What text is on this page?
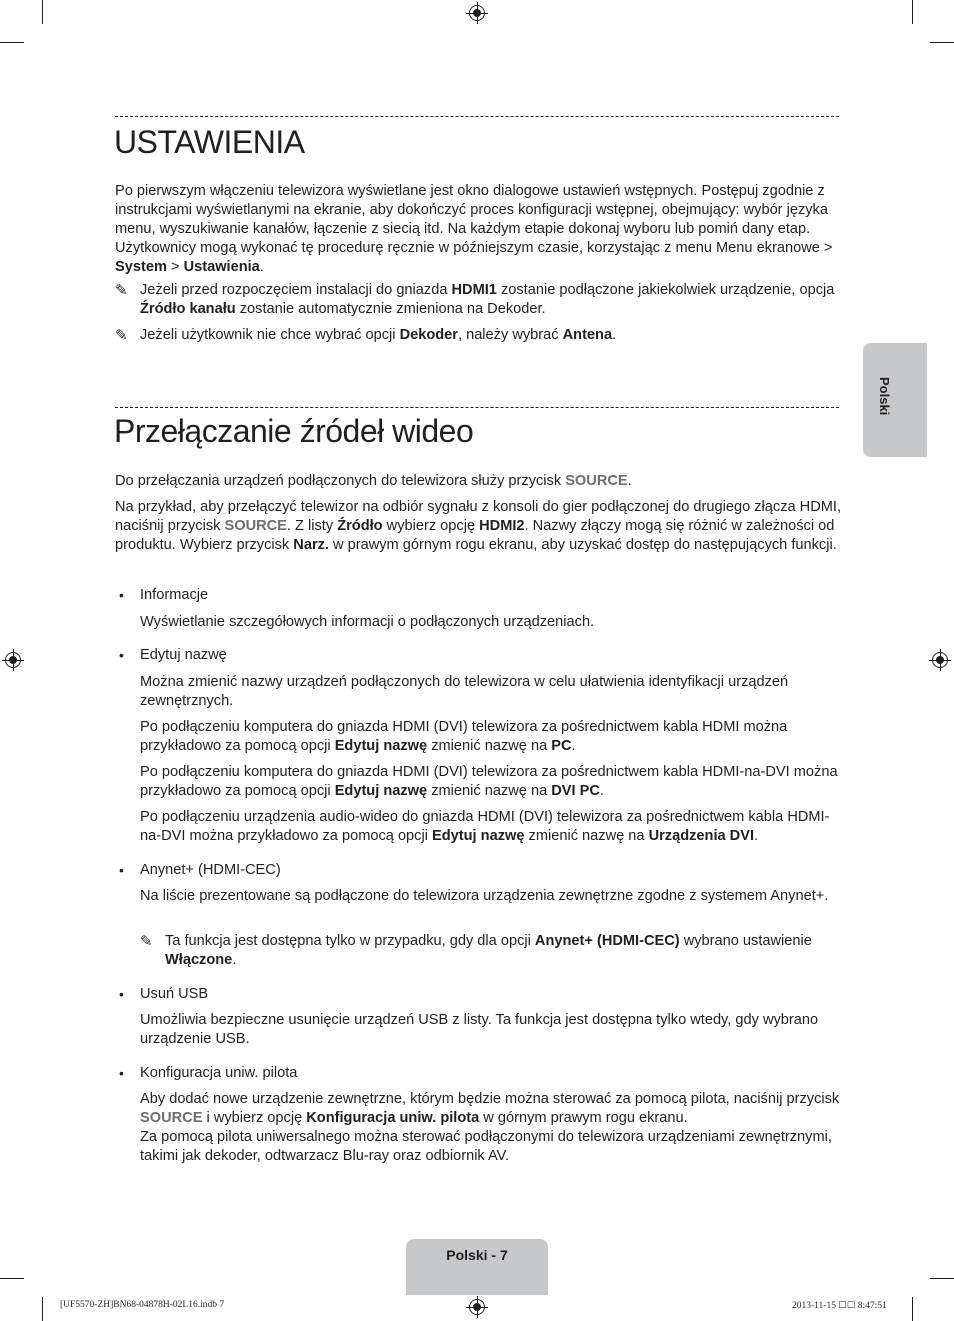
USTAWIENIA

Po pierwszym włączeniu telewizora wyświetlane jest okno dialogowe ustawień wstępnych. Postępuj zgodnie z instrukcjami wyświetlanymi na ekranie, aby dokończyć proces konfiguracji wstępnej, obejmujący: wybór języka menu, wyszukiwanie kanałów, łączenie z siecią itd. Na każdym etapie dokonaj wyboru lub pomiń dany etap. Użytkownicy mogą wykonać tę procedurę ręcznie w późniejszym czasie, korzystając z menu Menu ekranowe > System > Ustawienia.

✎ Jeżeli przed rozpoczęciem instalacji do gniazda HDMI1 zostanie podłączone jakiekolwiek urządzenie, opcja Źródło kanału zostanie automatycznie zmieniona na Dekoder.

✎ Jeżeli użytkownik nie chce wybrać opcji Dekoder, należy wybrać Antena.

Polski
Przełączanie źródeł wideo

Do przełączania urządzeń podłączonych do telewizora służy przycisk SOURCE.

Na przykład, aby przełączyć telewizor na odbiór sygnału z konsoli do gier podłączonej do drugiego złącza HDMI, naciśnij przycisk SOURCE. Z listy Źródło wybierz opcję HDMI2. Nazwy złączy mogą się różnić w zależności od produktu. Wybierz przycisk Narz. w prawym górnym rogu ekranu, aby uzyskać dostęp do następujących funkcji.

• Informacje

Wyświetlanie szczegółowych informacji o podłączonych urządzeniach.

• Edytuj nazwę

Można zmienić nazwy urządzeń podłączonych do telewizora w celu ułatwienia identyfikacji urządzeń zewnętrznych.

Po podłączeniu komputera do gniazda HDMI (DVI) telewizora za pośrednictwem kabla HDMI można przykładowo za pomocą opcji Edytuj nazwę zmienić nazwę na PC.

Po podłączeniu komputera do gniazda HDMI (DVI) telewizora za pośrednictwem kabla HDMI-na-DVI można przykładowo za pomocą opcji Edytuj nazwę zmienić nazwę na DVI PC.

Po podłączeniu urządzenia audio-wideo do gniazda HDMI (DVI) telewizora za pośrednictwem kabla HDMI-na-DVI można przykładowo za pomocą opcji Edytuj nazwę zmienić nazwę na Urządzenia DVI.

• Anynet+ (HDMI-CEC)

Na liście prezentowane są podłączone do telewizora urządzenia zewnętrzne zgodne z systemem Anynet+.

✎ Ta funkcja jest dostępna tylko w przypadku, gdy dla opcji Anynet+ (HDMI-CEC) wybrano ustawienie Włączone.

• Usuń USB

Umożliwia bezpieczne usunięcie urządzeń USB z listy. Ta funkcja jest dostępna tylko wtedy, gdy wybrano urządzenie USB.

• Konfiguracja uniw. pilota

Aby dodać nowe urządzenie zewnętrzne, którym będzie można sterować za pomocą pilota, naciśnij przycisk SOURCE i wybierz opcję Konfiguracja uniw. pilota w górnym prawym rogu ekranu.

Za pomocą pilota uniwersalnego można sterować podłączonymi do telewizora urządzeniami zewnętrznymi, takimi jak dekoder, odtwarzacz Blu-ray oraz odbiornik AV.

Polski - 7
[UF5570-ZH]BN68-04878H-02L16.indb 7	2013-11-15 ☐☐ 8:47:51
